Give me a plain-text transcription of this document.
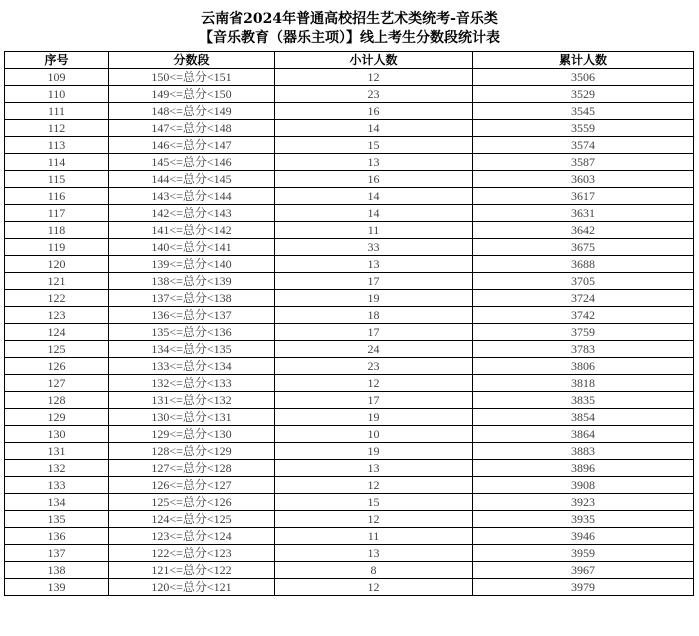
云南省2024年普通高校招生艺术类统考-音乐类
【音乐教育（器乐主项）】线上考生分数段统计表
序号	分数段	小计人数	累计人数
109	150<=总分<151	12	3506
110	149<=总分<150	23	3529
111	148<=总分<149	16	3545
112	147<=总分<148	14	3559
113	146<=总分<147	15	3574
114	145<=总分<146	13	3587
115	144<=总分<145	16	3603
116	143<=总分<144	14	3617
117	142<=总分<143	14	3631
118	141<=总分<142	11	3642
119	140<=总分<141	33	3675
120	139<=总分<140	13	3688
121	138<=总分<139	17	3705
122	137<=总分<138	19	3724
123	136<=总分<137	18	3742
124	135<=总分<136	17	3759
125	134<=总分<135	24	3783
126	133<=总分<134	23	3806
127	132<=总分<133	12	3818
128	131<=总分<132	17	3835
129	130<=总分<131	19	3854
130	129<=总分<130	10	3864
131	128<=总分<129	19	3883
132	127<=总分<128	13	3896
133	126<=总分<127	12	3908
134	125<=总分<126	15	3923
135	124<=总分<125	12	3935
136	123<=总分<124	11	3946
137	122<=总分<123	13	3959
138	121<=总分<122	8	3967
139	120<=总分<121	12	3979
